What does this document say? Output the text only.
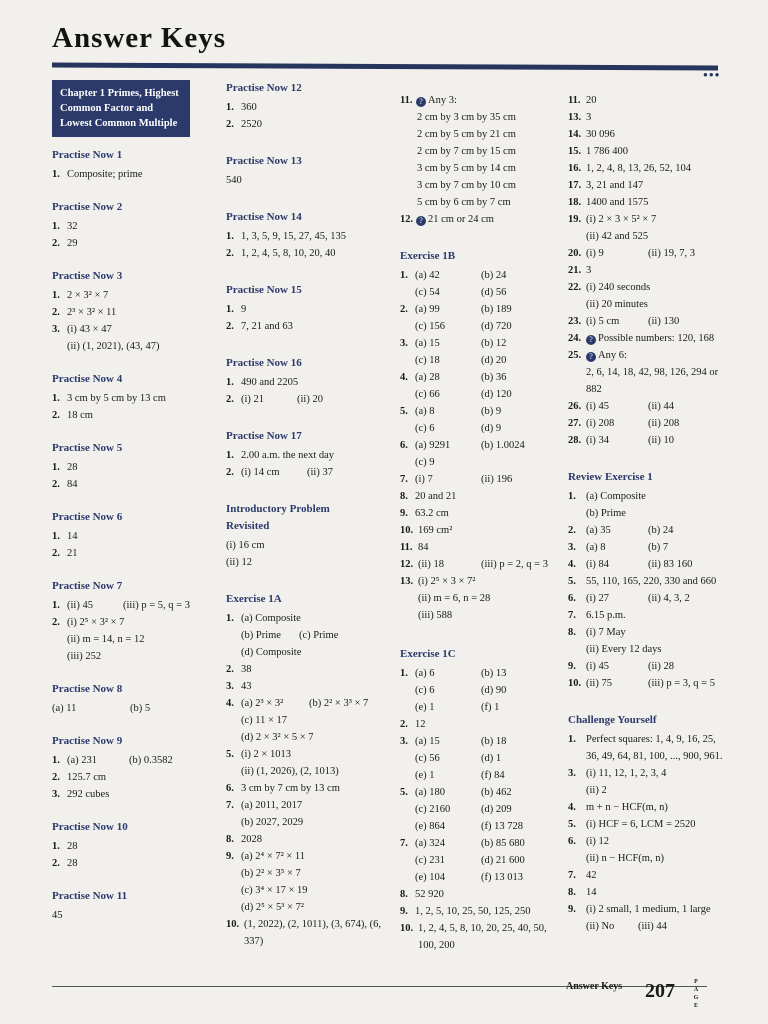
Answer Keys
●●●
Chapter 1 Primes, Highest Common Factor and Lowest Common Multiple
Practise Now 1
1. Composite; prime
Practise Now 2
1. 32
2. 29
Practise Now 3
1. 2 × 3² × 7
2. 2³ × 3² × 11
3. (i) 43 × 47
(ii) (1, 2021), (43, 47)
Practise Now 4
1. 3 cm by 5 cm by 13 cm
2. 18 cm
Practise Now 5
1. 28
2. 84
Practise Now 6
1. 14
2. 21
Practise Now 7
1. (ii) 45	(iii) p = 5, q = 3
2. (i) 2⁵ × 3² × 7
(ii) m = 14, n = 12
(iii) 252
Practise Now 8
(a) 11	(b) 5
Practise Now 9
1. (a) 231	(b) 0.3582
2. 125.7 cm
3. 292 cubes
Practise Now 10
1. 28
2. 28
Practise Now 11
45
Practise Now 12
1. 360
2. 2520
Practise Now 13
540
Practise Now 14
1. 1, 3, 5, 9, 15, 27, 45, 135
2. 1, 2, 4, 5, 8, 10, 20, 40
Practise Now 15
1. 9
2. 7, 21 and 63
Practise Now 16
1. 490 and 2205
2. (i) 21	(ii) 20
Practise Now 17
1. 2.00 a.m. the next day
2. (i) 14 cm	(ii) 37
Introductory Problem Revisited
(i) 16 cm
(ii) 12
Exercise 1A
1. (a) Composite
(b) Prime (c) Prime
(d) Composite
2. 38
3. 43
4. (a) 2³ × 3² (b) 2² × 3³ × 7
(c) 11 × 17
(d) 2 × 3² × 5 × 7
5. (i) 2 × 1013
(ii) (1, 2026), (2, 1013)
6. 3 cm by 7 cm by 13 cm
7. (a) 2011, 2017
(b) 2027, 2029
8. 2028
9. (a) 2⁴ × 7² × 11
(b) 2² × 3⁵ × 7
(c) 3⁴ × 17 × 19
(d) 2⁵ × 5³ × 7²
10. (1, 2022), (2, 1011), (3, 674), (6, 337)
11. ? Any 3:
2 cm by 3 cm by 35 cm
2 cm by 5 cm by 21 cm
2 cm by 7 cm by 15 cm
3 cm by 5 cm by 14 cm
3 cm by 7 cm by 10 cm
5 cm by 6 cm by 7 cm
12. ? 21 cm or 24 cm
Exercise 1B
1. (a) 42	(b) 24
(c) 54	(d) 56
2. (a) 99	(b) 189
(c) 156	(d) 720
3. (a) 15	(b) 12
(c) 18	(d) 20
4. (a) 28	(b) 36
(c) 66	(d) 120
5. (a) 8	(b) 9
(c) 6	(d) 9
6. (a) 9291	(b) 1.0024
(c) 9
7. (i) 7	(ii) 196
8. 20 and 21
9. 63.2 cm
10. 169 cm²
11. 84
12. (ii) 18	(iii) p = 2, q = 3
13. (i) 2⁵ × 3 × 7²
(ii) m = 6, n = 28
(iii) 588
Exercise 1C
1. (a) 6	(b) 13
(c) 6	(d) 90
(e) 1	(f) 1
2. 12
3. (a) 15	(b) 18
(c) 56	(d) 1
(e) 1	(f) 84
5. (a) 180	(b) 462
(c) 2160	(d) 209
(e) 864	(f) 13 728
7. (a) 324	(b) 85 680
(c) 231	(d) 21 600
(e) 104	(f) 13 013
8. 52 920
9. 1, 2, 5, 10, 25, 50, 125, 250
10. 1, 2, 4, 5, 8, 10, 20, 25, 40, 50, 100, 200
11. 20
13. 3
14. 30 096
15. 1 786 400
16. 1, 2, 4, 8, 13, 26, 52, 104
17. 3, 21 and 147
18. 1400 and 1575
19. (i) 2 × 3 × 5² × 7
(ii) 42 and 525
20. (i) 9	(ii) 19, 7, 3
21. 3
22. (i) 240 seconds
(ii) 20 minutes
23. (i) 5 cm	(ii) 130
24.	? Possible numbers: 120, 168
25.	? Any 6:
2, 6, 14, 18, 42, 98, 126, 294 or 882
26. (i) 45	(ii) 44
27. (i) 208	(ii) 208
28. (i) 34	(ii) 10
Review Exercise 1
1. (a) Composite
(b) Prime
2. (a) 35	(b) 24
3. (a) 8	(b) 7
4. (i) 84	(ii) 83 160
5. 55, 110, 165, 220, 330 and 660
6. (i) 27	(ii) 4, 3, 2
7. 6.15 p.m.
8. (i) 7 May
(ii) Every 12 days
9. (i) 45	(ii) 28
10. (ii) 75	(iii) p = 3, q = 5
Challenge Yourself
1. Perfect squares: 1, 4, 9, 16, 25, 36, 49, 64, 81, 100, ..., 900, 961.
3. (i) 11, 12, 1, 2, 3, 4
(ii) 2
4. m + n − HCF(m, n)
5. (i) HCF = 6, LCM = 2520
6. (i) 12
(ii) n − HCF(m, n)
7. 42
8. 14
9. (i) 2 small, 1 medium, 1 large
(ii) No (iii) 44
Answer Keys 207	P
A
G
E
